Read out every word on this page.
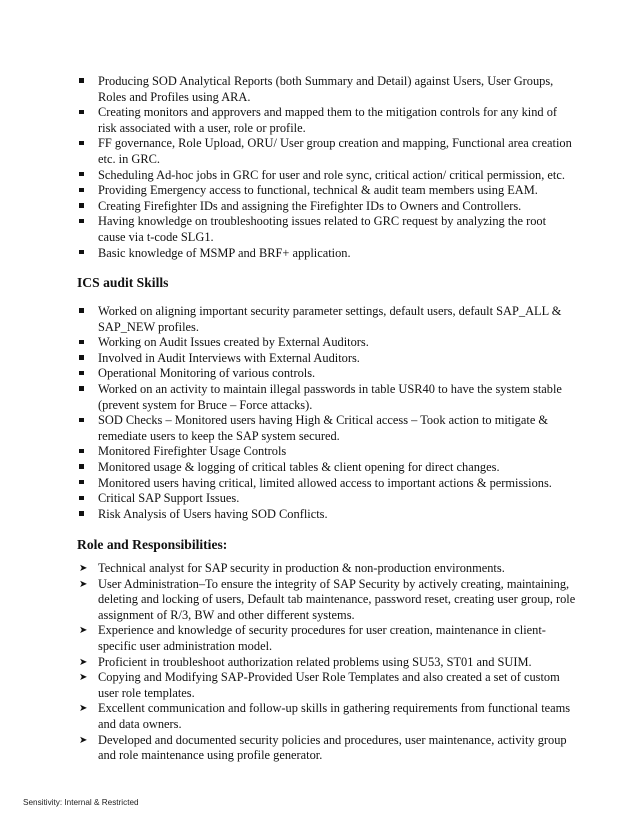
Producing SOD Analytical Reports (both Summary and Detail) against Users, User Groups, Roles and Profiles using ARA.
Creating monitors and approvers and mapped them to the mitigation controls for any kind of risk associated with a user, role or profile.
FF governance, Role Upload, ORU/ User group creation and mapping, Functional area creation etc. in GRC.
Scheduling Ad-hoc jobs in GRC for user and role sync, critical action/ critical permission, etc.
Providing Emergency access to functional, technical & audit team members using EAM.
Creating Firefighter IDs and assigning the Firefighter IDs to Owners and Controllers.
Having knowledge on troubleshooting issues related to GRC request by analyzing the root cause via t-code SLG1.
Basic knowledge of MSMP and BRF+ application.
ICS audit Skills
Worked on aligning important security parameter settings, default users, default SAP_ALL & SAP_NEW profiles.
Working on Audit Issues created by External Auditors.
Involved in Audit Interviews with External Auditors.
Operational Monitoring of various controls.
Worked on an activity to maintain illegal passwords in table USR40 to have the system stable (prevent system for Bruce – Force attacks).
SOD Checks – Monitored users having High & Critical access – Took action to mitigate & remediate users to keep the SAP system secured.
Monitored Firefighter Usage Controls
Monitored usage & logging of critical tables & client opening for direct changes.
Monitored users having critical, limited allowed access to important actions & permissions.
Critical SAP Support Issues.
Risk Analysis of Users having SOD Conflicts.
Role and Responsibilities:
➤ Technical analyst for SAP security in production & non-production environments.
➤ User Administration–To ensure the integrity of SAP Security by actively creating, maintaining, deleting and locking of users, Default tab maintenance, password reset, creating user group, role assignment of R/3, BW and other different systems.
➤ Experience and knowledge of security procedures for user creation, maintenance in client-specific user administration model.
➤ Proficient in troubleshoot authorization related problems using SU53, ST01 and SUIM.
➤ Copying and Modifying SAP-Provided User Role Templates and also created a set of custom user role templates.
➤ Excellent communication and follow-up skills in gathering requirements from functional teams and data owners.
➤ Developed and documented security policies and procedures, user maintenance, activity group and role maintenance using profile generator.
Sensitivity: Internal & Restricted
